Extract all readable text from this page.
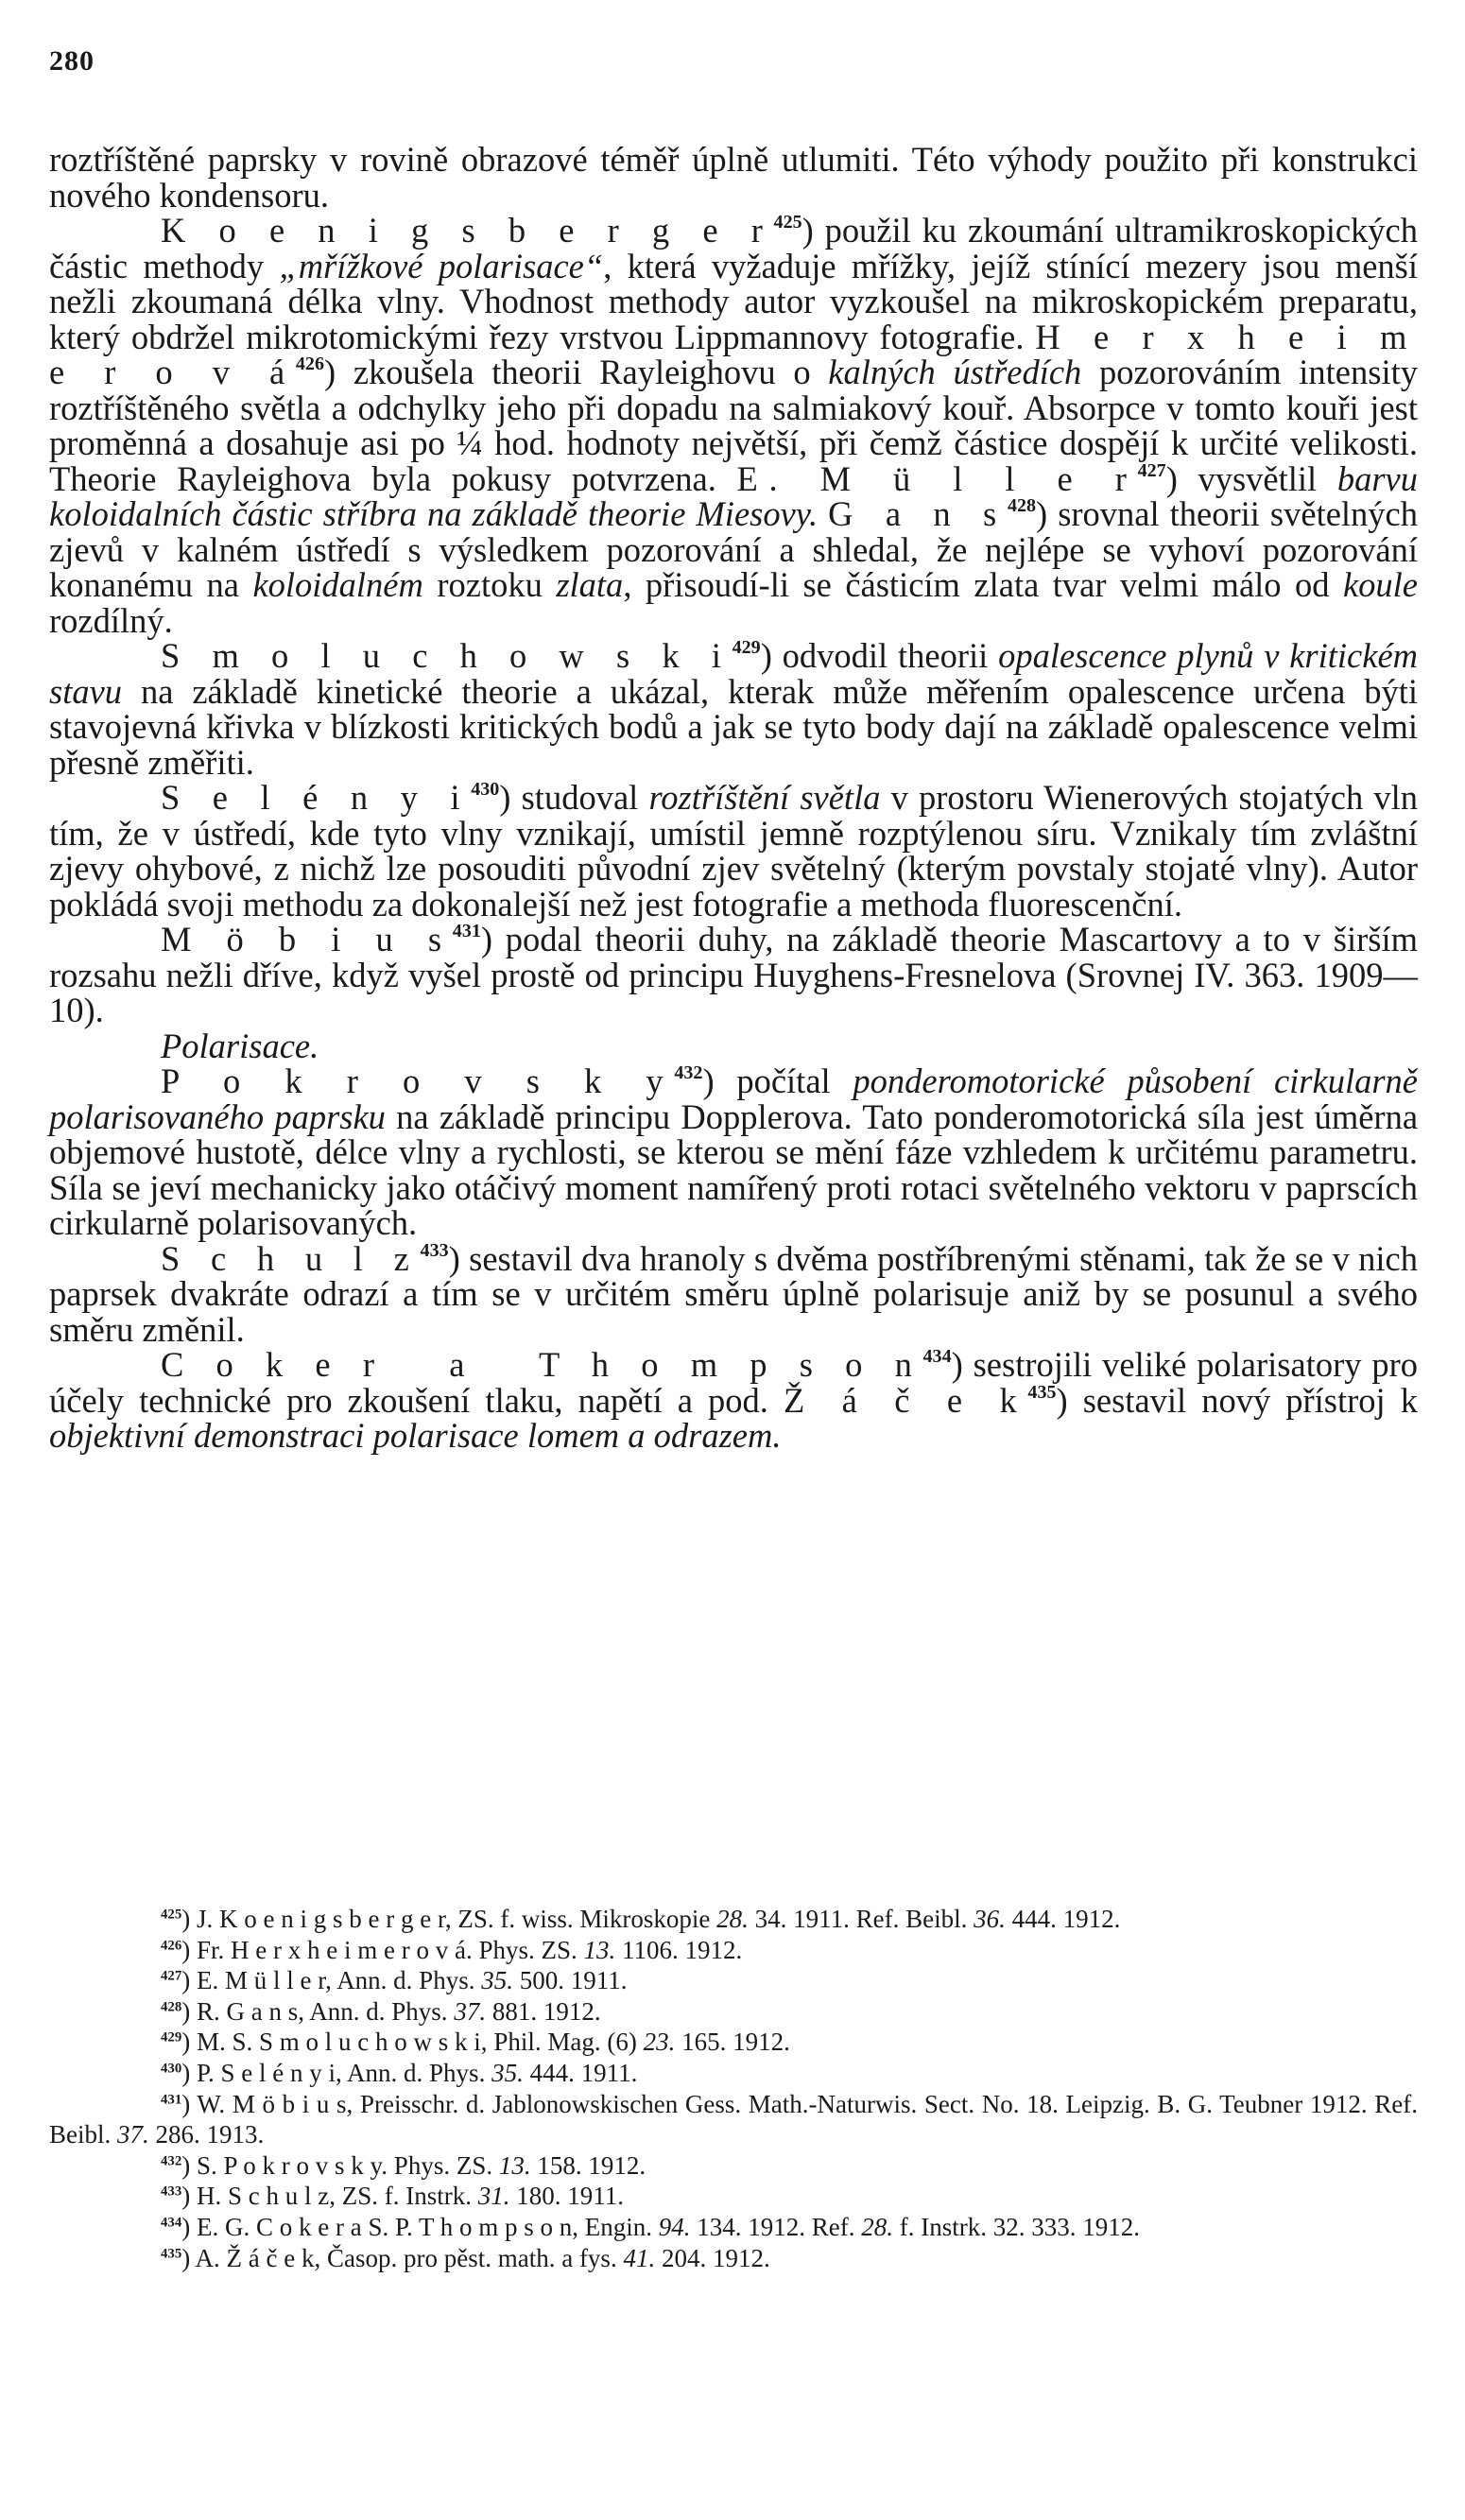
280

roztříštěné paprsky v rovině obrazové téměř úplně utlumiti. Této výhody použito při konstrukci nového kondensoru.

K o e n i g s b e r g e $r^{425}$) použil ku zkoumání ultramikroskopických částic methody „mřížkové polarisace“, která vyžaduje mřížky, jejíž stínící mezery jsou menší nežli zkoumaná délka vlny. Vhodnost methody autor vyzkoušel na mikroskopickém preparatu, který obdržel mikrotomickými řezy vrstvou Lippmannovy fotografie. H e r x h e i m e r o v $á^{426}$) zkoušela theorii Rayleighovu o kalných ústředích pozorováním intensity roztříštěného světla a odchylky jeho při dopadu na salmiakový kouř. Absorpce v tomto kouři jest proměnná a dosahuje asi po ¼ hod. hodnoty největší, při čemž částice dospějí k určité velikosti. Theorie Rayleighova byla pokusy potvrzena. E. M ü l l e $r^{427}$) vysvětlil barvu koloidalních částic stříbra na základě theorie Miesovy. G a n $s^{428}$) srovnal theorii světelných zjevů v kalném ústředí s výsledkem pozorování a shledal, že nejlépe se vyhoví pozorování konanému na koloidalném roztoku zlata, přisoudí-li se částicím zlata tvar velmi málo od koule rozdílný.

S m o l u c h o w s k $i^{429}$) odvodil theorii opalescence plynů v kritickém stavu na základě kinetické theorie a ukázal, kterak může měřením opalescence určena býti stavojevná křivka v blízkosti kritických bodů a jak se tyto body dají na základě opalescence velmi přesně změřiti.

S e l é n y $i^{430}$) studoval roztříštění světla v prostoru Wienerových stojatých vln tím, že v ústředí, kde tyto vlny vznikají, umístil jemně rozptýlenou síru. Vznikaly tím zvláštní zjevy ohybové, z nichž lze posouditi původní zjev světelný (kterým povstaly stojaté vlny). Autor pokládá svoji methodu za dokonalejší než jest fotografie a methoda fluorescenční.

M ö b i u $s^{431}$) podal theorii duhy, na základě theorie Mascartovy a to v širším rozsahu nežli dříve, když vyšel prostě od principu Huyghens-Fresnelova (Srovnej IV. 363. 1909—10).

Polarisace.

P o k r o v s k $y^{432}$) počítal ponderomotorické působení cirkularně polarisovaného paprsku na základě principu Dopplerova. Tato ponderomotorická síla jest úměrna objemové hustotě, délce vlny a rychlosti, se kterou se mění fáze vzhledem k určitému parametru. Síla se jeví mechanicky jako otáčivý moment namířený proti rotaci světelného vektoru v paprscích cirkularně polarisovaných.

S c h u l $z^{433}$) sestavil dva hranoly s dvěma postříbrenými stěnami, tak že se v nich paprsek dvakráte odrazí a tím se v určitém směru úplně polarisuje aniž by se posunul a svého směru změnil.

C o k e r   a   T h o m p s o $n^{434}$) sestrojili veliké polarisatory pro účely technické pro zkoušení tlaku, napětí a pod. Ž á č e $k^{435}$) sestavil nový přístroj k objektivní demonstraci polarisace lomem a odrazem.

$^{425}$) J. K o e n i g s b e r g e r, ZS. f. wiss. Mikroskopie 28. 34. 1911. Ref. Beibl. 36. 444. 1912.

$^{426}$) Fr. H e r x h e i m e r o v á. Phys. ZS. 13. 1106. 1912.

$^{427}$) E. M ü l l e r, Ann. d. Phys. 35. 500. 1911.

$^{428}$) R. G a n s, Ann. d. Phys. 37. 881. 1912.

$^{429}$) M. S. S m o l u c h o w s k i, Phil. Mag. (6) 23. 165. 1912.

$^{430}$) P. S e l é n y i, Ann. d. Phys. 35. 444. 1911.

$^{431}$) W. M ö b i u s, Preisschr. d. Jablonowskischen Gess. Math.-Naturwis. Sect. No. 18. Leipzig. B. G. Teubner 1912. Ref. Beibl. 37. 286. 1913.

$^{432}$) S. P o k r o v s k y. Phys. ZS. 13. 158. 1912.

$^{433}$) H. S c h u l z, ZS. f. Instrk. 31. 180. 1911.

$^{434}$) E. G. C o k e r a S. P. T h o m p s o n, Engin. 94. 134. 1912. Ref. 28. f. Instrk. 32. 333. 1912.

$^{435}$) A. Ž á č e k, Časop. pro pěst. math. a fys. 41. 204. 1912.
